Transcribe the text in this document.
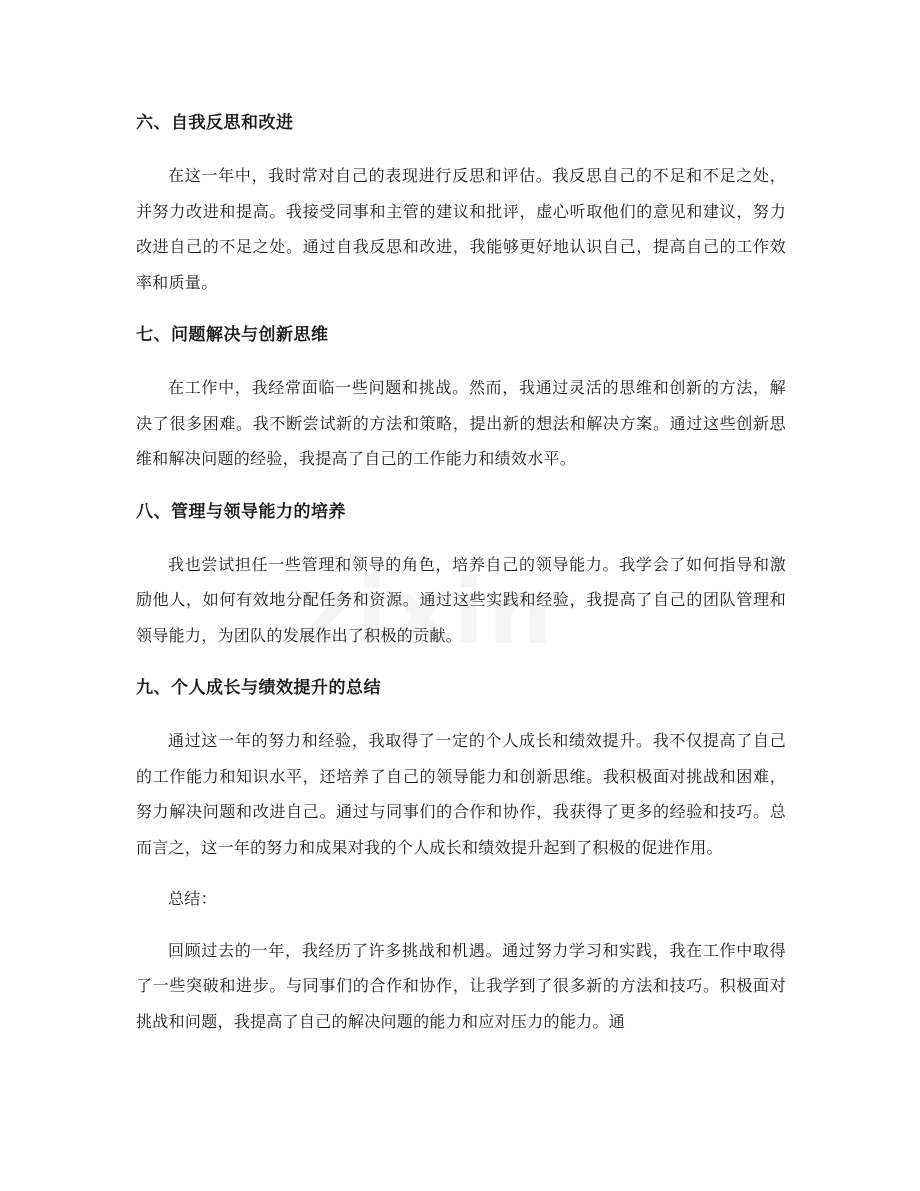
六、自我反思和改进

在这一年中，我时常对自己的表现进行反思和评估。我反思自己的不足和不足之处，并努力改进和提高。我接受同事和主管的建议和批评，虚心听取他们的意见和建议，努力改进自己的不足之处。通过自我反思和改进，我能够更好地认识自己，提高自己的工作效率和质量。

七、问题解决与创新思维

在工作中，我经常面临一些问题和挑战。然而，我通过灵活的思维和创新的方法，解决了很多困难。我不断尝试新的方法和策略，提出新的想法和解决方案。通过这些创新思维和解决问题的经验，我提高了自己的工作能力和绩效水平。

八、管理与领导能力的培养

我也尝试担任一些管理和领导的角色，培养自己的领导能力。我学会了如何指导和激励他人，如何有效地分配任务和资源。通过这些实践和经验，我提高了自己的团队管理和领导能力，为团队的发展作出了积极的贡献。

九、个人成长与绩效提升的总结

通过这一年的努力和经验，我取得了一定的个人成长和绩效提升。我不仅提高了自己的工作能力和知识水平，还培养了自己的领导能力和创新思维。我积极面对挑战和困难，努力解决问题和改进自己。通过与同事们的合作和协作，我获得了更多的经验和技巧。总而言之，这一年的努力和成果对我的个人成长和绩效提升起到了积极的促进作用。

总结：

回顾过去的一年，我经历了许多挑战和机遇。通过努力学习和实践，我在工作中取得了一些突破和进步。与同事们的合作和协作，让我学到了很多新的方法和技巧。积极面对挑战和问题，我提高了自己的解决问题的能力和应对压力的能力。通
